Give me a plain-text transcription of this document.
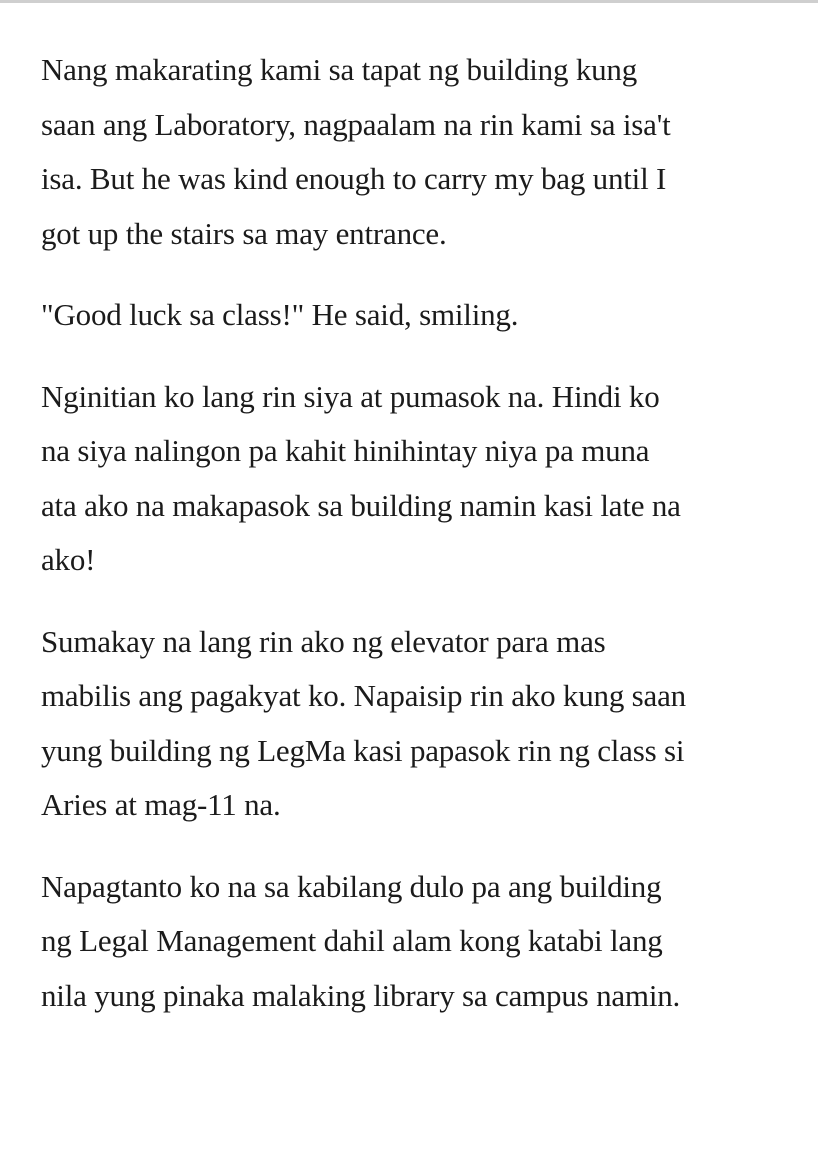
Nang makarating kami sa tapat ng building kung
saan ang Laboratory, nagpaalam na rin kami sa isa't
isa. But he was kind enough to carry my bag until I
got up the stairs sa may entrance.

"Good luck sa class!" He said, smiling.

Nginitian ko lang rin siya at pumasok na. Hindi ko
na siya nalingon pa kahit hinihintay niya pa muna
ata ako na makapasok sa building namin kasi late na
ako!

Sumakay na lang rin ako ng elevator para mas
mabilis ang pagakyat ko. Napaisip rin ako kung saan
yung building ng LegMa kasi papasok rin ng class si
Aries at mag-11 na.

Napagtanto ko na sa kabilang dulo pa ang building
ng Legal Management dahil alam kong katabi lang
nila yung pinaka malaking library sa campus namin.
